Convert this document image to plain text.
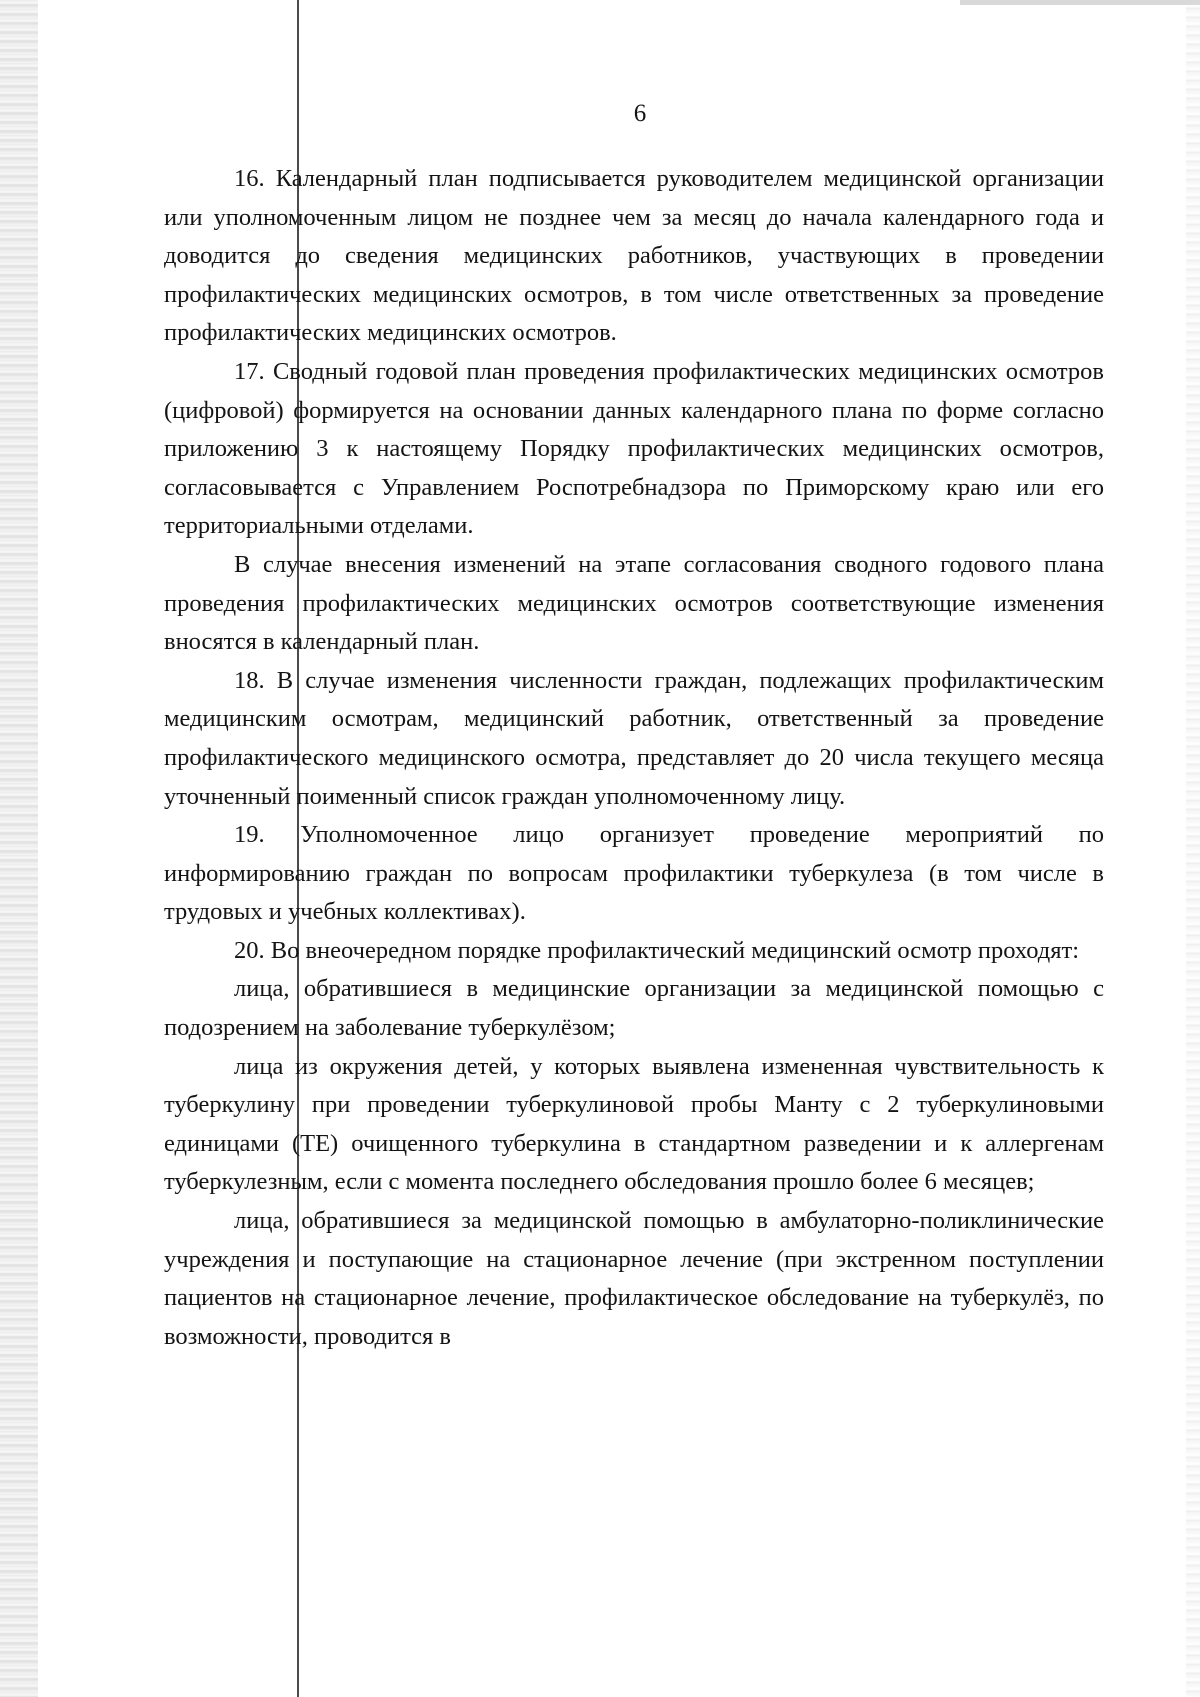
6

16. Календарный план подписывается руководителем медицинской организации или уполномоченным лицом не позднее чем за месяц до начала календарного года и доводится до сведения медицинских работников, участвующих в проведении профилактических медицинских осмотров, в том числе ответственных за проведение профилактических медицинских осмотров.

17. Сводный годовой план проведения профилактических медицинских осмотров (цифровой) формируется на основании данных календарного плана по форме согласно приложению 3 к настоящему Порядку профилактических медицинских осмотров, согласовывается с Управлением Роспотребнадзора по Приморскому краю или его территориальными отделами.

В случае внесения изменений на этапе согласования сводного годового плана проведения профилактических медицинских осмотров соответствующие изменения вносятся в календарный план.

18. В случае изменения численности граждан, подлежащих профилактическим медицинским осмотрам, медицинский работник, ответственный за проведение профилактического медицинского осмотра, представляет до 20 числа текущего месяца уточненный поименный список граждан уполномоченному лицу.

19. Уполномоченное лицо организует проведение мероприятий по информированию граждан по вопросам профилактики туберкулеза (в том числе в трудовых и учебных коллективах).

20. Во внеочередном порядке профилактический медицинский осмотр проходят:

лица, обратившиеся в медицинские организации за медицинской помощью с подозрением на заболевание туберкулёзом;

лица из окружения детей, у которых выявлена измененная чувствительность к туберкулину при проведении туберкулиновой пробы Манту с 2 туберкулиновыми единицами (ТЕ) очищенного туберкулина в стандартном разведении и к аллергенам туберкулезным, если с момента последнего обследования прошло более 6 месяцев;

лица, обратившиеся за медицинской помощью в амбулаторно-поликлинические учреждения и поступающие на стационарное лечение (при экстренном поступлении пациентов на стационарное лечение, профилактическое обследование на туберкулёз, по возможности, проводится в
